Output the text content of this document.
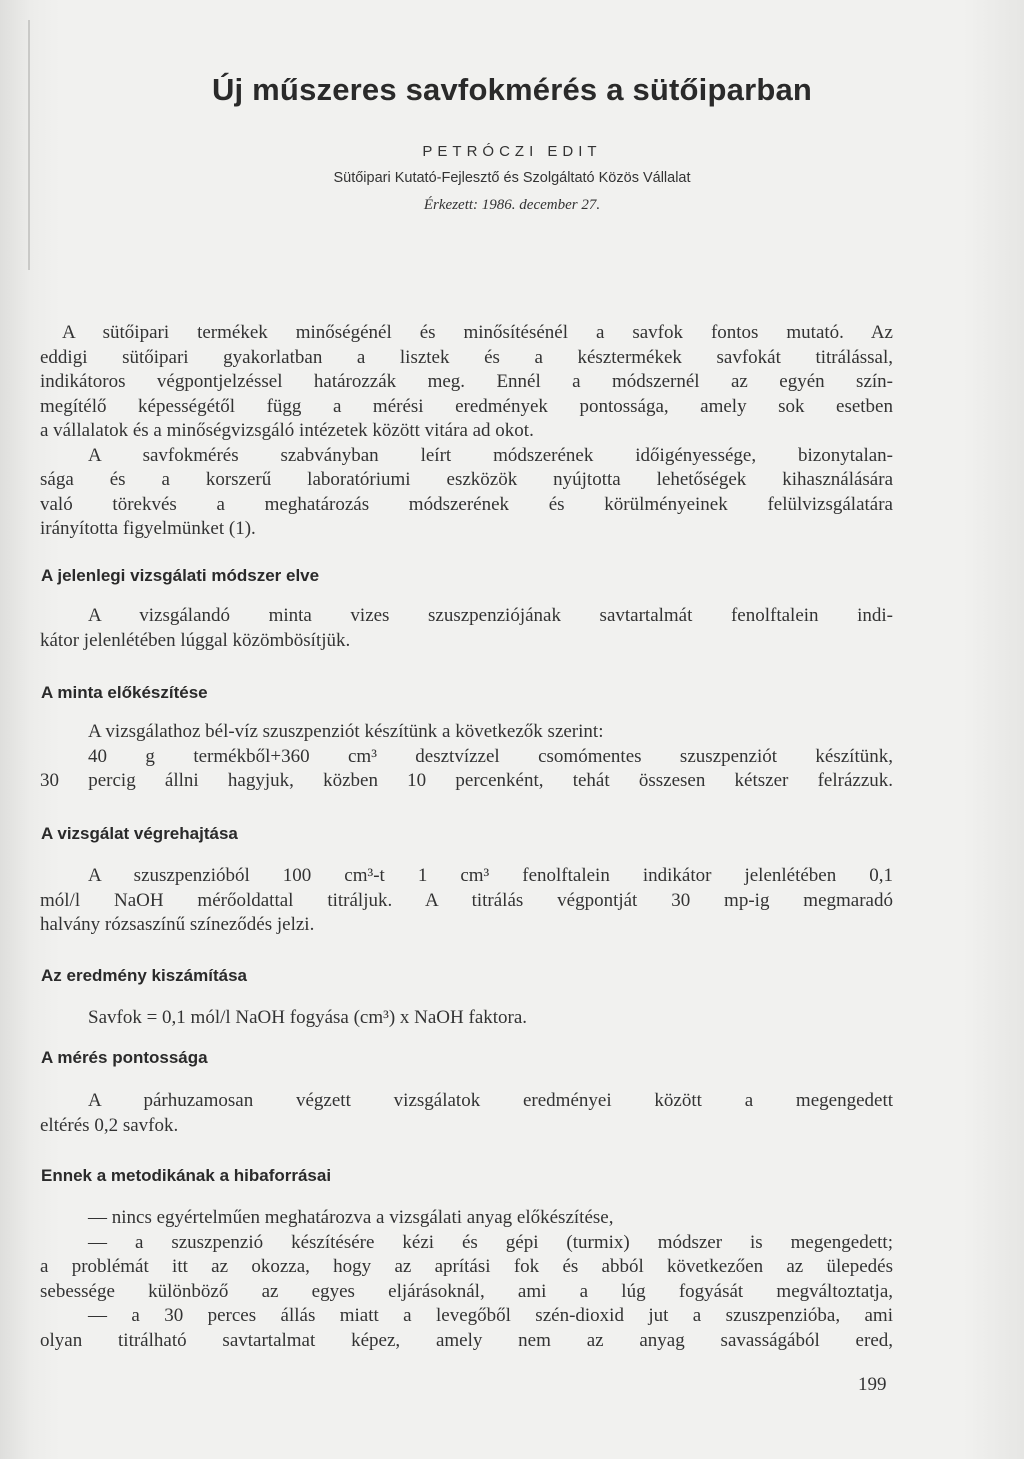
Új műszeres savfokmérés a sütőiparban
PETRÓCZI EDIT
Sütőipari Kutató-Fejlesztő és Szolgáltató Közös Vállalat
Érkezett: 1986. december 27.

A sütőipari termékek minőségénél és minősítésénél a savfok fontos mutató. Az
eddigi sütőipari gyakorlatban a lisztek és a késztermékek savfokát titrálással,
indikátoros végpontjelzéssel határozzák meg. Ennél a módszernél az egyén szín-
megítélő képességétől függ a mérési eredmények pontossága, amely sok esetben
a vállalatok és a minőségvizsgáló intézetek között vitára ad okot.
A savfokmérés szabványban leírt módszerének időigényessége, bizonytalan-
sága és a korszerű laboratóriumi eszközök nyújtotta lehetőségek kihasználására
való törekvés a meghatározás módszerének és körülményeinek felülvizsgálatára
irányította figyelmünket (1).

A jelenlegi vizsgálati módszer elve

A vizsgálandó minta vizes szuszpenziójának savtartalmát fenolftalein indi-
kátor jelenlétében lúggal közömbösítjük.

A minta előkészítése

A vizsgálathoz bél-víz szuszpenziót készítünk a következők szerint:
40 g termékből+360 cm³ desztvízzel csomómentes szuszpenziót készítünk,
30 percig állni hagyjuk, közben 10 percenként, tehát összesen kétszer felrázzuk.

A vizsgálat végrehajtása

A szuszpenzióból 100 cm³-t 1 cm³ fenolftalein indikátor jelenlétében 0,1
mól/l NaOH mérőoldattal titráljuk. A titrálás végpontját 30 mp-ig megmaradó
halvány rózsaszínű színeződés jelzi.

Az eredmény kiszámítása

Savfok = 0,1 mól/l NaOH fogyása (cm³) x NaOH faktora.

A mérés pontossága

A párhuzamosan végzett vizsgálatok eredményei között a megengedett
eltérés 0,2 savfok.

Ennek a metodikának a hibaforrásai

— nincs egyértelműen meghatározva a vizsgálati anyag előkészítése,
— a szuszpenzió készítésére kézi és gépi (turmix) módszer is megengedett;
a problémát itt az okozza, hogy az aprítási fok és abból következően az ülepedés
sebessége különböző az egyes eljárásoknál, ami a lúg fogyását megváltoztatja,
— a 30 perces állás miatt a levegőből szén-dioxid jut a szuszpenzióba, ami
olyan titrálható savtartalmat képez, amely nem az anyag savasságából ered,

199
